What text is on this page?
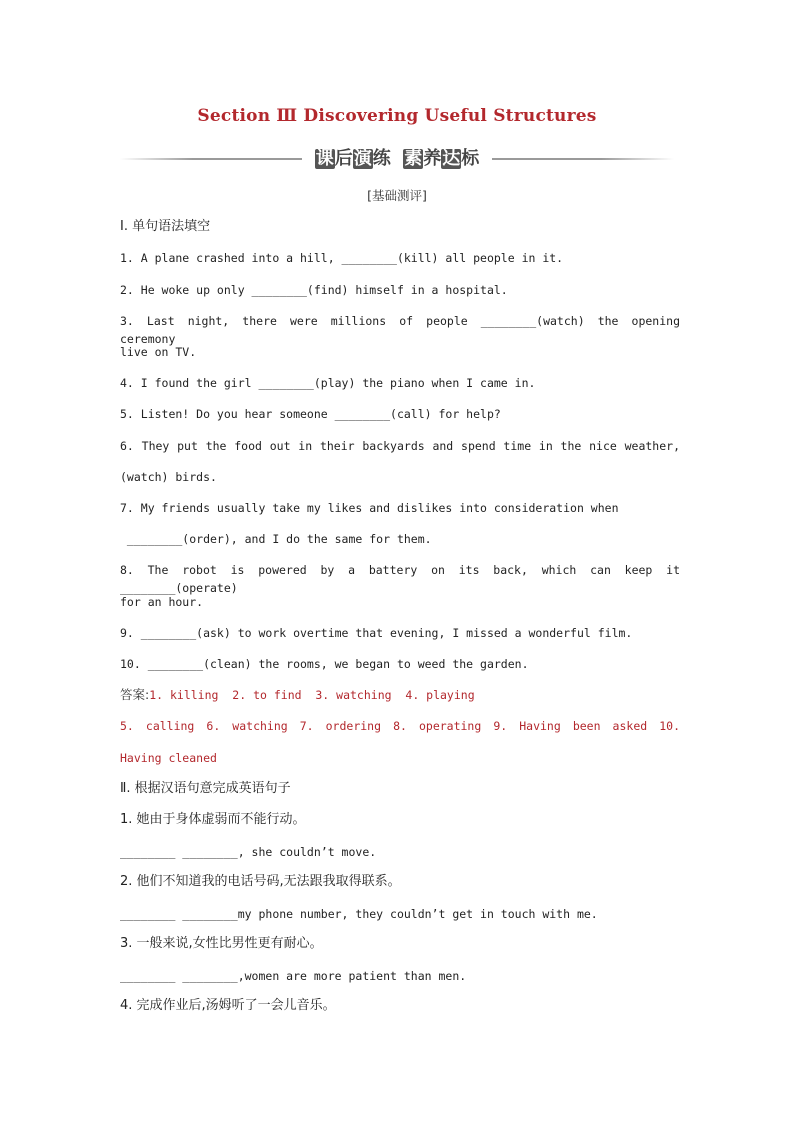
Section Ⅲ Discovering Useful Structures
课后演练 素养达标
[基础测评]
Ⅰ. 单句语法填空
1. A plane crashed into a hill, ________(kill) all people in it.
2. He woke up only ________(find) himself in a hospital.
3. Last night, there were millions of people ________(watch) the opening ceremony
live on TV.
4. I found the girl ________(play) the piano when I came in.
5. Listen! Do you hear someone ________(call) for help?
6. They put the food out in their backyards and spend time in the nice weather,
(watch) birds.
7. My friends usually take my likes and dislikes into consideration when
________(order), and I do the same for them.
8. The robot is powered by a battery on its back, which can keep it ________(operate)
for an hour.
9. ________(ask) to work overtime that evening, I missed a wonderful film.
10. ________(clean) the rooms, we began to weed the garden.
答案:1. killing  2. to find  3. watching  4. playing
5. calling 6. watching 7. ordering 8. operating 9. Having been asked 10.
Having cleaned
Ⅱ. 根据汉语句意完成英语句子
1. 她由于身体虚弱而不能行动。
________ ________, she couldn’t move.
2. 他们不知道我的电话号码,无法跟我取得联系。
________ ________my phone number, they couldn’t get in touch with me.
3. 一般来说,女性比男性更有耐心。
________ ________,women are more patient than men.
4. 完成作业后,汤姆听了一会儿音乐。
